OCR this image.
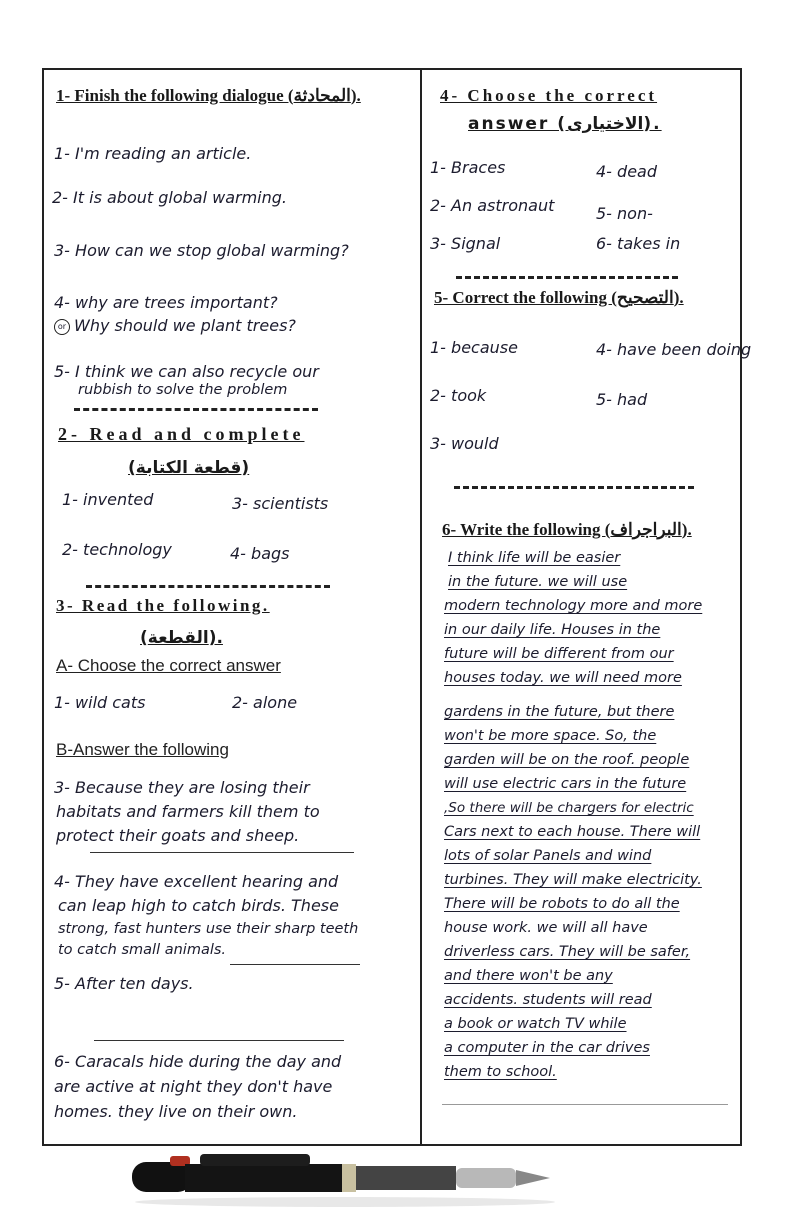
1- Finish the following dialogue (المحادثة).
1- I'm reading an article.
2- It is about global warming.
3- How can we stop global warming?
4- why are trees important?
or Why should we plant trees?
5- I think we can also recycle our
rubbish to solve the problem
2- Read and complete
(قطعة الكتابة)
1- invented	3- scientists
2- technology	4- bags
3- Read the following.
(القطعة).
A- Choose the correct answer
1- wild cats	2- alone
B-Answer the following
3- Because they are losing their
habitats and farmers kill them to
protect their goats and sheep.
4- They have excellent hearing and
can leap high to catch birds. These
strong, fast hunters use their sharp teeth
to catch small animals.
5- After ten days.
6- Caracals hide during the day and
are active at night they don't have
homes. they live on their own.
4- Choose the correct
answer (الاختيارى).
1- Braces	4- dead
2- An astronaut	5- non-
3- Signal	6- takes in
5- Correct the following (التصحيح).
1- because	4- have been doing
2- took	5- had
3- would
6- Write the following (البراجراف).
I think life will be easier
in the future. we will use
modern technology more and more
in our daily life. Houses in the
future will be different from our
houses today. we will need more
gardens in the future, but there
won't be more space. So, the
garden will be on the roof. people
will use electric cars in the future
,So there will be chargers for electric
Cars next to each house. There will
lots of solar Panels and wind
turbines. They will make electricity.
There will be robots to do all the
house work. we will all have
driverless cars. They will be safer,
and there won't be any
accidents. students will read
a book or watch TV while
a computer in the car drives
them to school.
